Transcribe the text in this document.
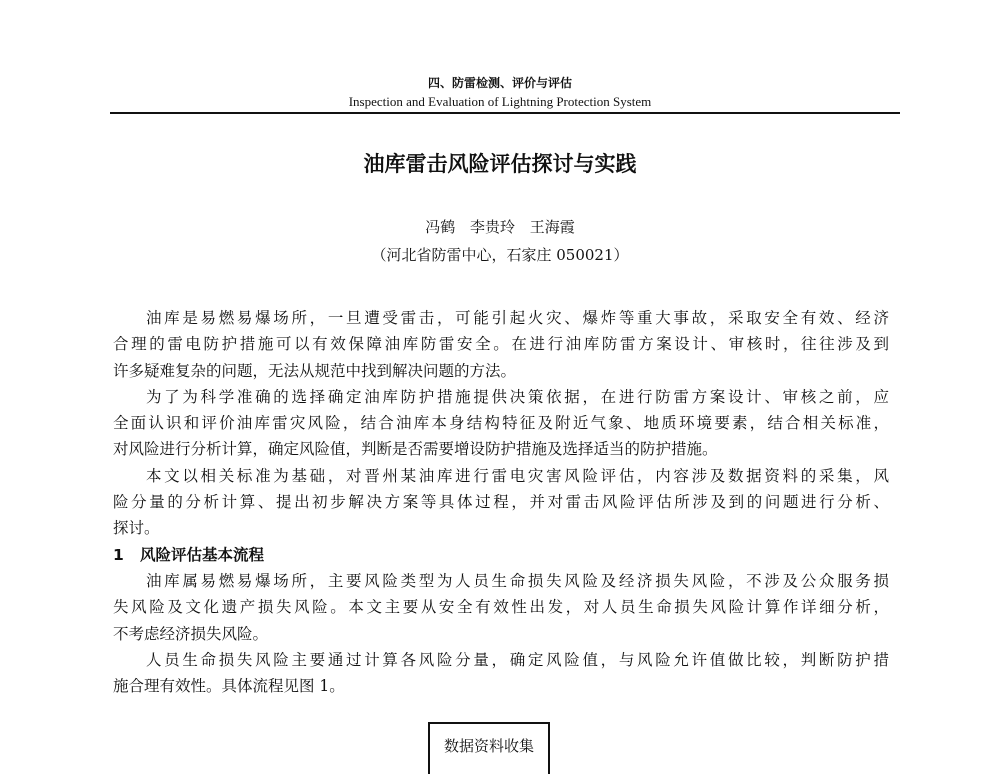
四、防雷检测、评价与评估
Inspection and Evaluation of Lightning Protection System
油库雷击风险评估探讨与实践
冯鹤 李贵玲 王海霞
（河北省防雷中心，石家庄 050021）
油库是易燃易爆场所，一旦遭受雷击，可能引起火灾、爆炸等重大事故，采取安全有效、经济
合理的雷电防护措施可以有效保障油库防雷安全。在进行油库防雷方案设计、审核时，往往涉及到
许多疑难复杂的问题，无法从规范中找到解决问题的方法。
为了为科学准确的选择确定油库防护措施提供决策依据，在进行防雷方案设计、审核之前，应
全面认识和评价油库雷灾风险，结合油库本身结构特征及附近气象、地质环境要素，结合相关标准，
对风险进行分析计算，确定风险值，判断是否需要增设防护措施及选择适当的防护措施。
本文以相关标准为基础，对晋州某油库进行雷电灾害风险评估，内容涉及数据资料的采集，风
险分量的分析计算、提出初步解决方案等具体过程，并对雷击风险评估所涉及到的问题进行分析、
探讨。
1   风险评估基本流程
油库属易燃易爆场所，主要风险类型为人员生命损失风险及经济损失风险，不涉及公众服务损
失风险及文化遗产损失风险。本文主要从安全有效性出发，对人员生命损失风险计算作详细分析，
不考虑经济损失风险。
人员生命损失风险主要通过计算各风险分量，确定风险值，与风险允许值做比较，判断防护措
施合理有效性。具体流程见图 1。
数据资料收集
